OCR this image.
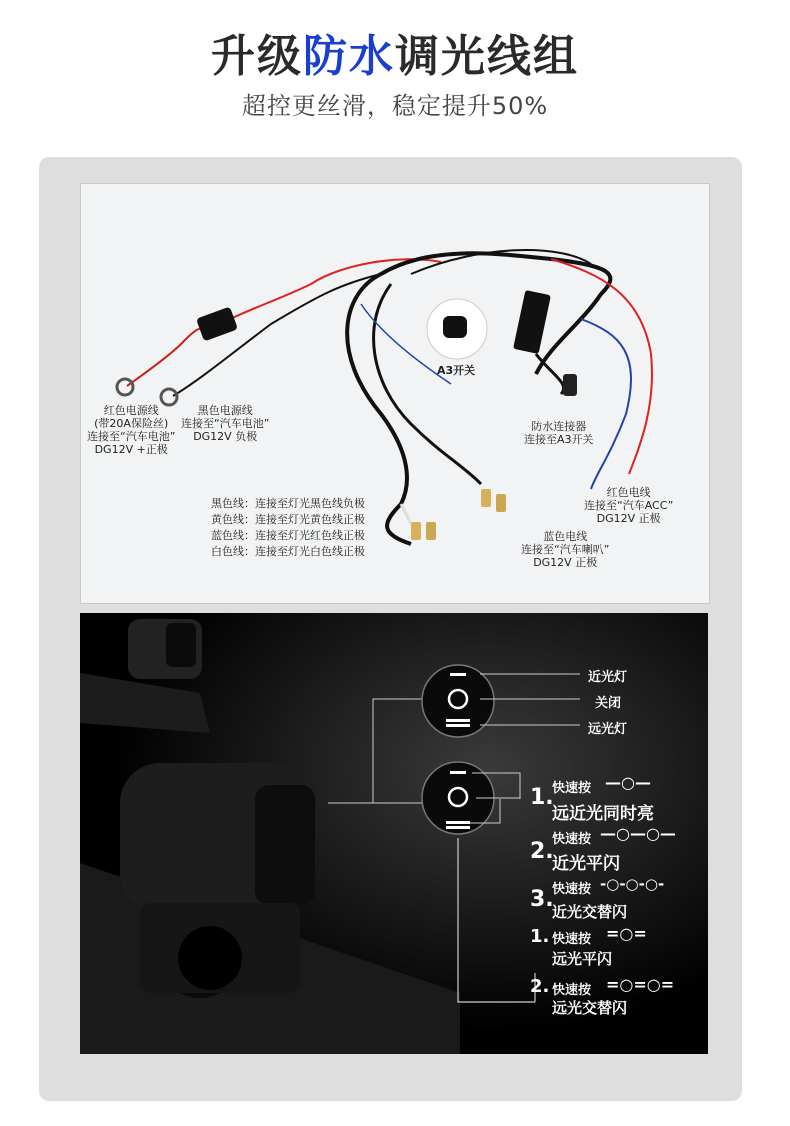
升级防水调光线组
超控更丝滑，稳定提升50%
红色电源线
(带20A保险丝)
连接至“汽车电池”
DG12V +正极
黑色电源线
连接至“汽车电池”
DG12V 负极
A3开关
防水连接器
连接至A3开关
红色电线
连接至“汽车ACC”
DG12V 正极
蓝色电线
连接至“汽车喇叭”
DG12V 正极
黑色线：连接至灯光黑色线负极
黄色线：连接至灯光黄色线正极
蓝色线：连接至灯光红色线正极
白色线：连接至灯光白色线正极
近光灯
关闭
远光灯
1.
快速按 —○—
远近光同时亮
2.
快速按 —○—○—
近光平闪
3.
快速按 -○-○-○-
近光交替闪
1. 快速按 =○=
远光平闪
2. 快速按 =○=○=
远光交替闪
